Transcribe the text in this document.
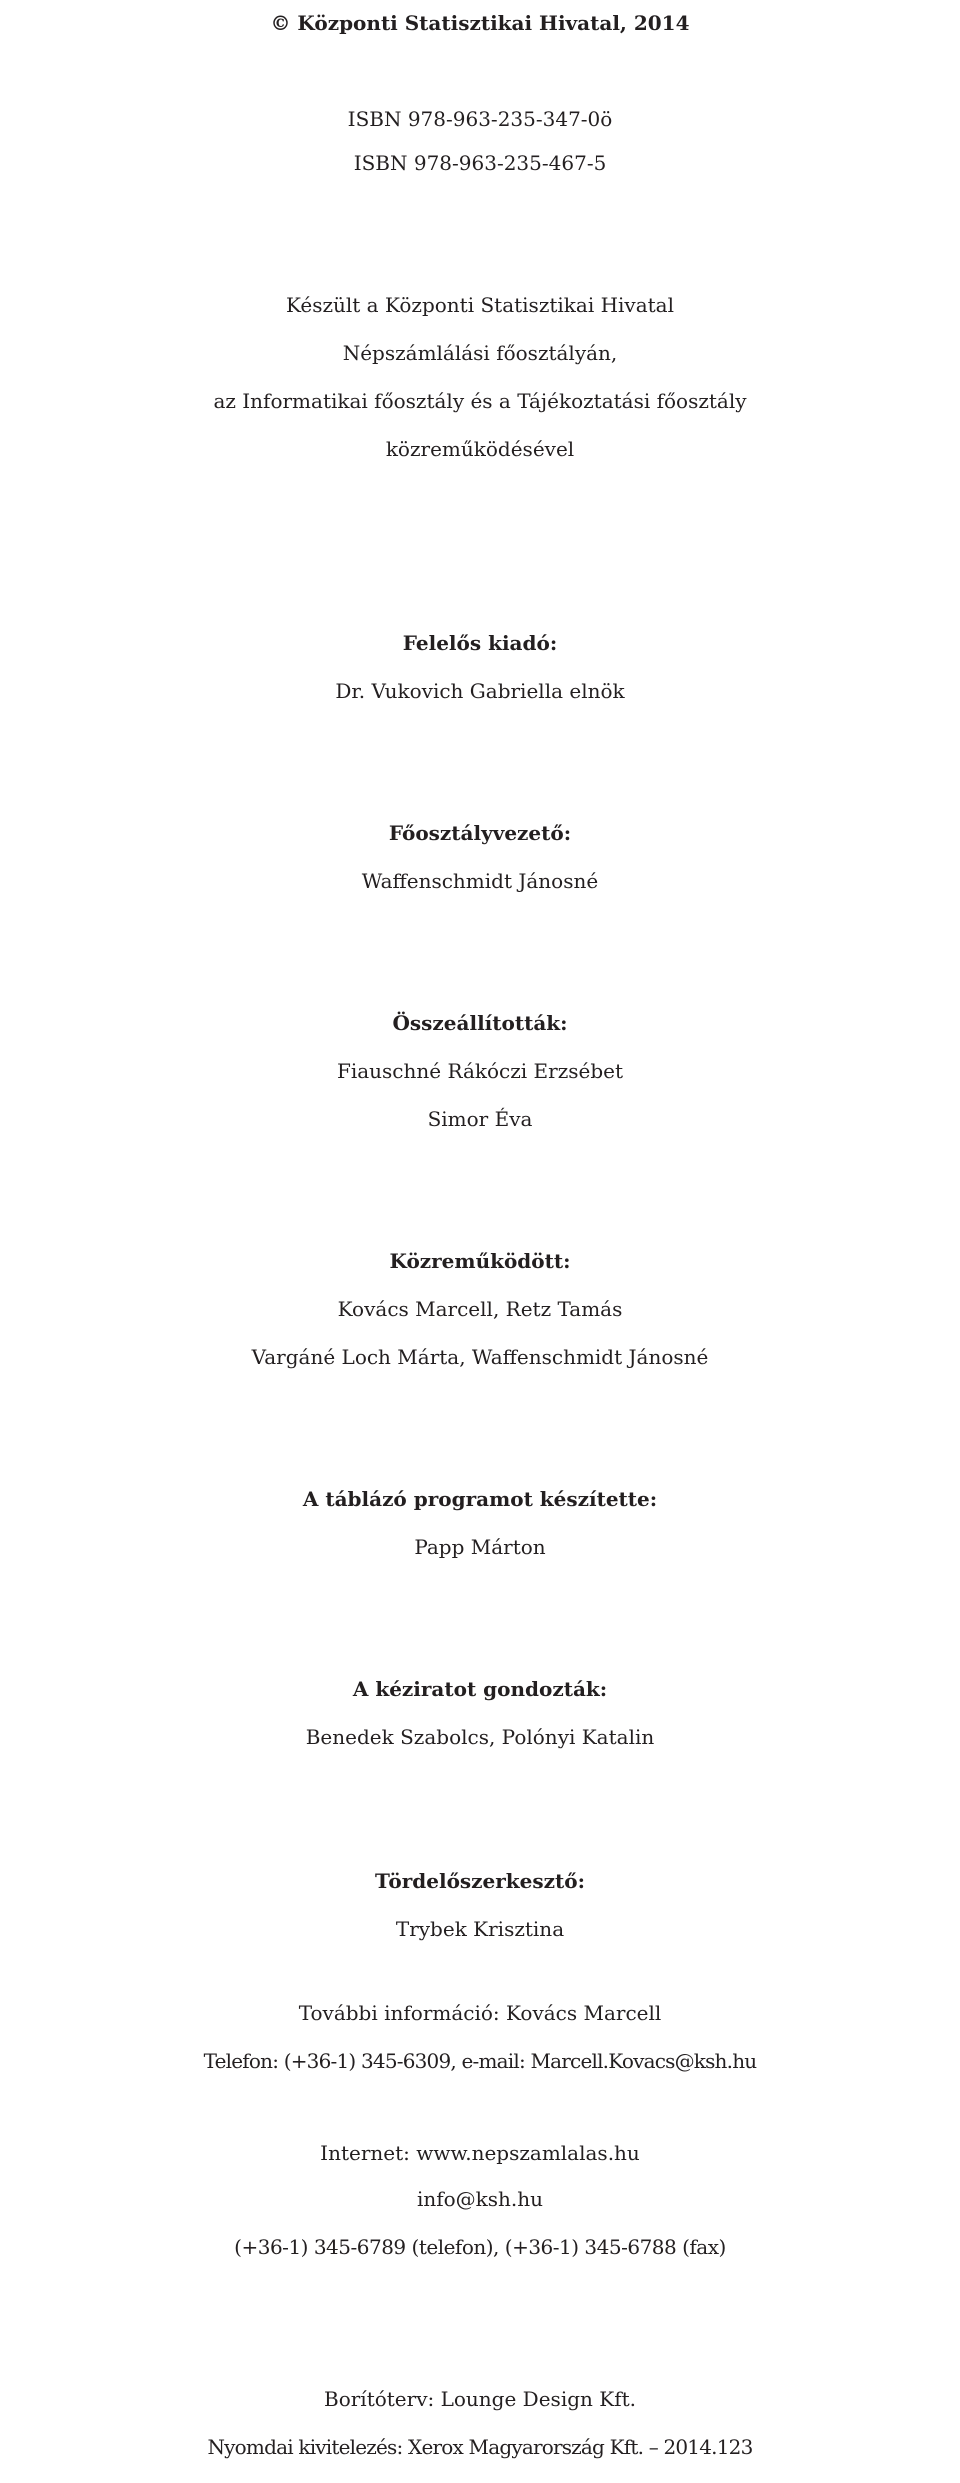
© Központi Statisztikai Hivatal, 2014
ISBN 978-963-235-347-0ö
ISBN 978-963-235-467-5
Készült a Központi Statisztikai Hivatal
Népszámlálási főosztályán,
az Informatikai főosztály és a Tájékoztatási főosztály
közreműködésével
Felelős kiadó:
Dr. Vukovich Gabriella elnök
Főosztályvezető:
Waffenschmidt Jánosné
Összeállították:
Fiauschné Rákóczi Erzsébet
Simor Éva
Közreműködött:
Kovács Marcell, Retz Tamás
Vargáné Loch Márta, Waffenschmidt Jánosné
A táblázó programot készítette:
Papp Márton
A kéziratot gondozták:
Benedek Szabolcs, Polónyi Katalin
Tördelőszerkesztő:
Trybek Krisztina
További információ: Kovács Marcell
Telefon: (+36-1) 345-6309, e-mail: Marcell.Kovacs@ksh.hu
Internet: www.nepszamlalas.hu
info@ksh.hu
(+36-1) 345-6789 (telefon), (+36-1) 345-6788 (fax)
Borítóterv: Lounge Design Kft.
Nyomdai kivitelezés: Xerox Magyarország Kft. – 2014.123
